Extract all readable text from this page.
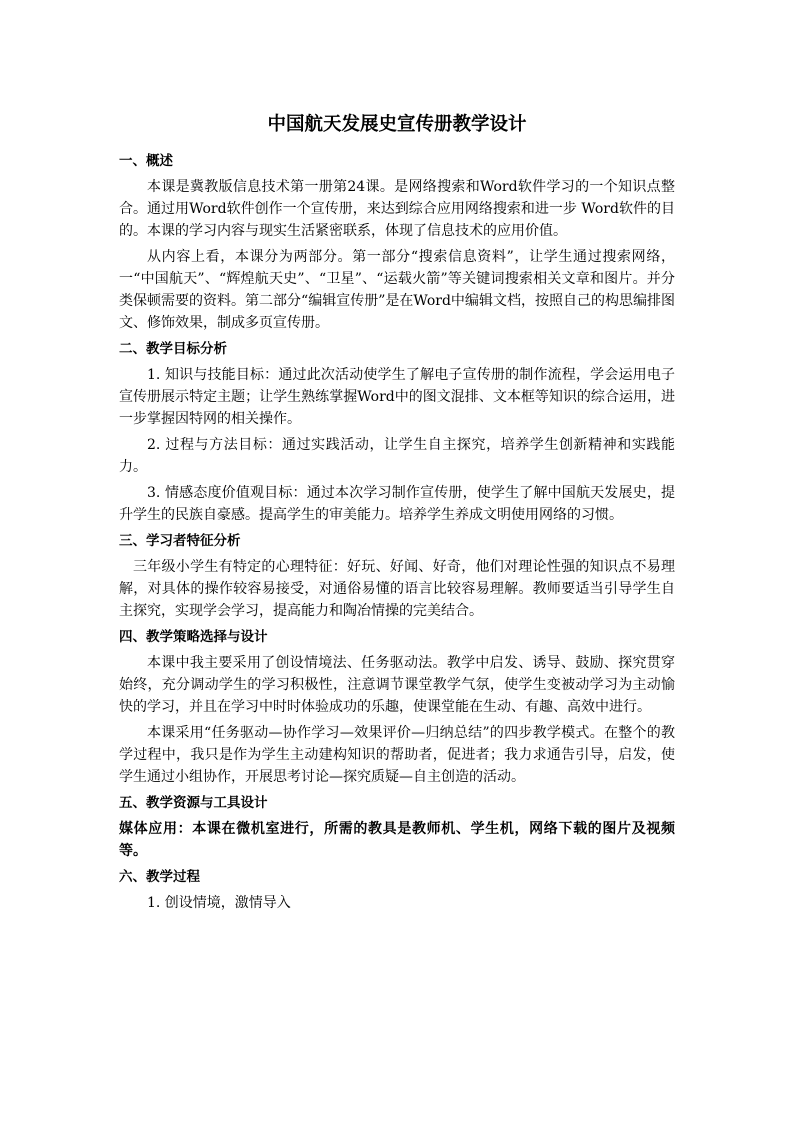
中国航天发展史宣传册教学设计
一、概述

本课是冀教版信息技术第一册第24课。是网络搜索和Word软件学习的一个知识点整合。通过用Word软件创作一个宣传册，来达到综合应用网络搜索和进一步 Word软件的目的。本课的学习内容与现实生活紧密联系，体现了信息技术的应用价值。

从内容上看，本课分为两部分。第一部分“搜索信息资料”，让学生通过搜索网络，一“中国航天”、“辉煌航天史”、“卫星”、“运载火箭”等关键词搜索相关文章和图片。并分类保顿需要的资料。第二部分“编辑宣传册”是在Word中编辑文档，按照自己的构思编排图文、修饰效果，制成多页宣传册。

二、教学目标分析

1. 知识与技能目标：通过此次活动使学生了解电子宣传册的制作流程，学会运用电子宣传册展示特定主题；让学生熟练掌握Word中的图文混排、文本框等知识的综合运用，进一步掌握因特网的相关操作。

2. 过程与方法目标：通过实践活动，让学生自主探究，培养学生创新精神和实践能力。

3. 情感态度价值观目标：通过本次学习制作宣传册，使学生了解中国航天发展史，提升学生的民族自豪感。提高学生的审美能力。培养学生养成文明使用网络的习惯。

三、学习者特征分析

三年级小学生有特定的心理特征：好玩、好闻、好奇，他们对理论性强的知识点不易理解，对具体的操作较容易接受，对通俗易懂的语言比较容易理解。教师要适当引导学生自主探究，实现学会学习，提高能力和陶冶情操的完美结合。

四、教学策略选择与设计

本课中我主要采用了创设情境法、任务驱动法。教学中启发、诱导、鼓励、探究贯穿始终，充分调动学生的学习积极性，注意调节课堂教学气氛，使学生变被动学习为主动愉快的学习，并且在学习中时时体验成功的乐趣，使课堂能在生动、有趣、高效中进行。

本课采用“任务驱动—协作学习—效果评价—归纳总结”的四步教学模式。在整个的教学过程中，我只是作为学生主动建构知识的帮助者，促进者；我力求通告引导，启发，使学生通过小组协作，开展思考讨论—探究质疑—自主创造的活动。

五、教学资源与工具设计

媒体应用：本课在微机室进行，所需的教具是教师机、学生机，网络下载的图片及视频等。

六、教学过程

1. 创设情境，激情导入
